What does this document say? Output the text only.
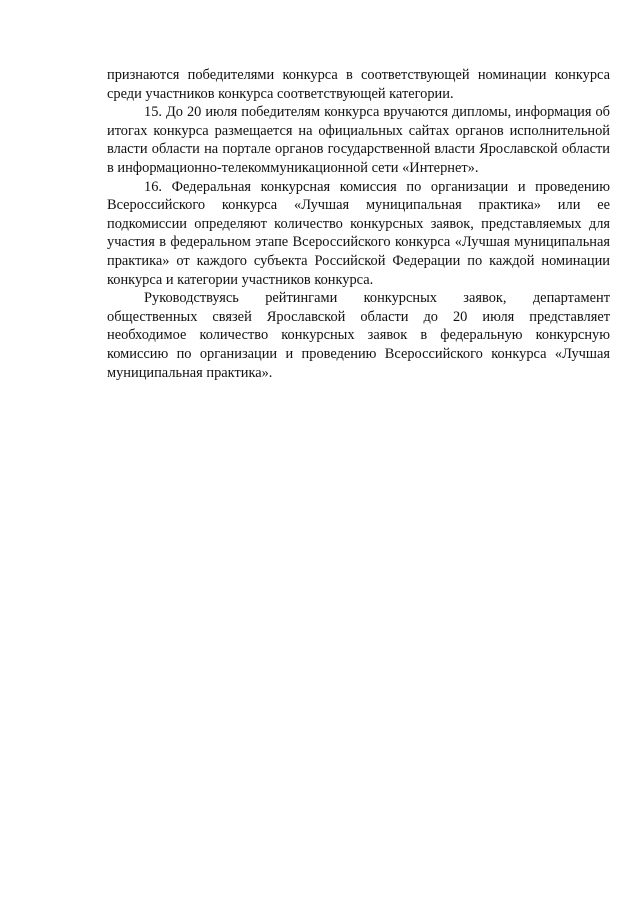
признаются победителями конкурса в соответствующей номинации конкурса среди участников конкурса соответствующей категории.

15. До 20 июля победителям конкурса вручаются дипломы, информация об итогах конкурса размещается на официальных сайтах органов исполнительной власти области на портале органов государственной власти Ярославской области в информационно-телекоммуникационной сети «Интернет».

16. Федеральная конкурсная комиссия по организации и проведению Всероссийского конкурса «Лучшая муниципальная практика» или ее подкомиссии определяют количество конкурсных заявок, представляемых для участия в федеральном этапе Всероссийского конкурса «Лучшая муниципальная практика» от каждого субъекта Российской Федерации по каждой номинации конкурса и категории участников конкурса.

Руководствуясь рейтингами конкурсных заявок, департамент общественных связей Ярославской области до 20 июля представляет необходимое количество конкурсных заявок в федеральную конкурсную комиссию по организации и проведению Всероссийского конкурса «Лучшая муниципальная практика».
